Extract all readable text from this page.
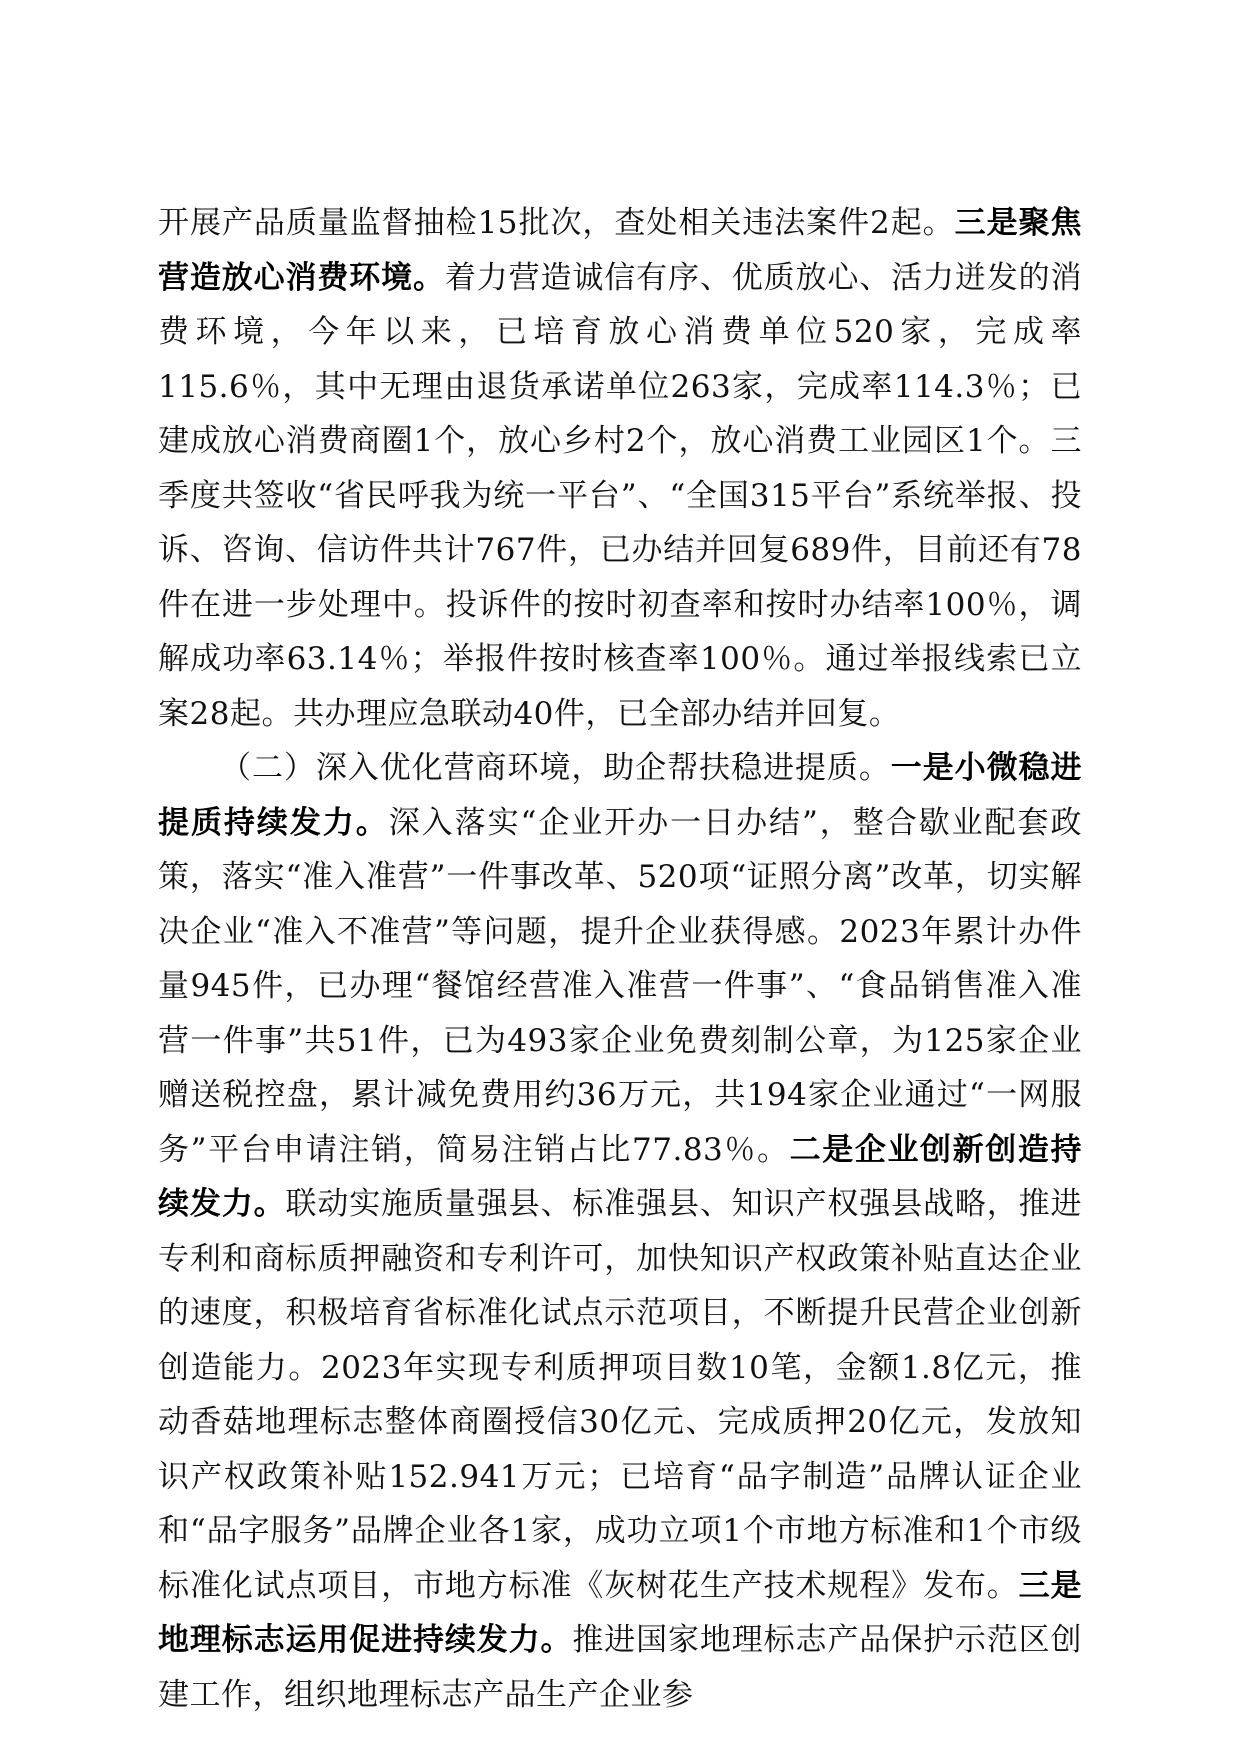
开展产品质量监督抽检15批次，查处相关违法案件2起。三是聚焦营造放心消费环境。着力营造诚信有序、优质放心、活力迸发的消费环境，今年以来，已培育放心消费单位520家，完成率115.6％，其中无理由退货承诺单位263家，完成率114.3％；已建成放心消费商圈1个，放心乡村2个，放心消费工业园区1个。三季度共签收“省民呼我为统一平台”、“全国315平台”系统举报、投诉、咨询、信访件共计767件，已办结并回复689件，目前还有78件在进一步处理中。投诉件的按时初查率和按时办结率100％，调解成功率63.14％；举报件按时核查率100％。通过举报线索已立案28起。共办理应急联动40件，已全部办结并回复。

（二）深入优化营商环境，助企帮扶稳进提质。一是小微稳进提质持续发力。深入落实“企业开办一日办结”，整合歇业配套政策，落实“准入准营”一件事改革、520项“证照分离”改革，切实解决企业“准入不准营”等问题，提升企业获得感。2023年累计办件量945件，已办理“餐馆经营准入准营一件事”、“食品销售准入准营一件事”共51件，已为493家企业免费刻制公章，为125家企业赠送税控盘，累计减免费用约36万元，共194家企业通过“一网服务”平台申请注销，简易注销占比77.83％。二是企业创新创造持续发力。联动实施质量强县、标准强县、知识产权强县战略，推进专利和商标质押融资和专利许可，加快知识产权政策补贴直达企业的速度，积极培育省标准化试点示范项目，不断提升民营企业创新创造能力。2023年实现专利质押项目数10笔，金额1.8亿元，推动香菇地理标志整体商圈授信30亿元、完成质押20亿元，发放知识产权政策补贴152.941万元；已培育“品字制造”品牌认证企业和“品字服务”品牌企业各1家，成功立项1个市地方标准和1个市级标准化试点项目，市地方标准《灰树花生产技术规程》发布。三是地理标志运用促进持续发力。推进国家地理标志产品保护示范区创建工作，组织地理标志产品生产企业参
